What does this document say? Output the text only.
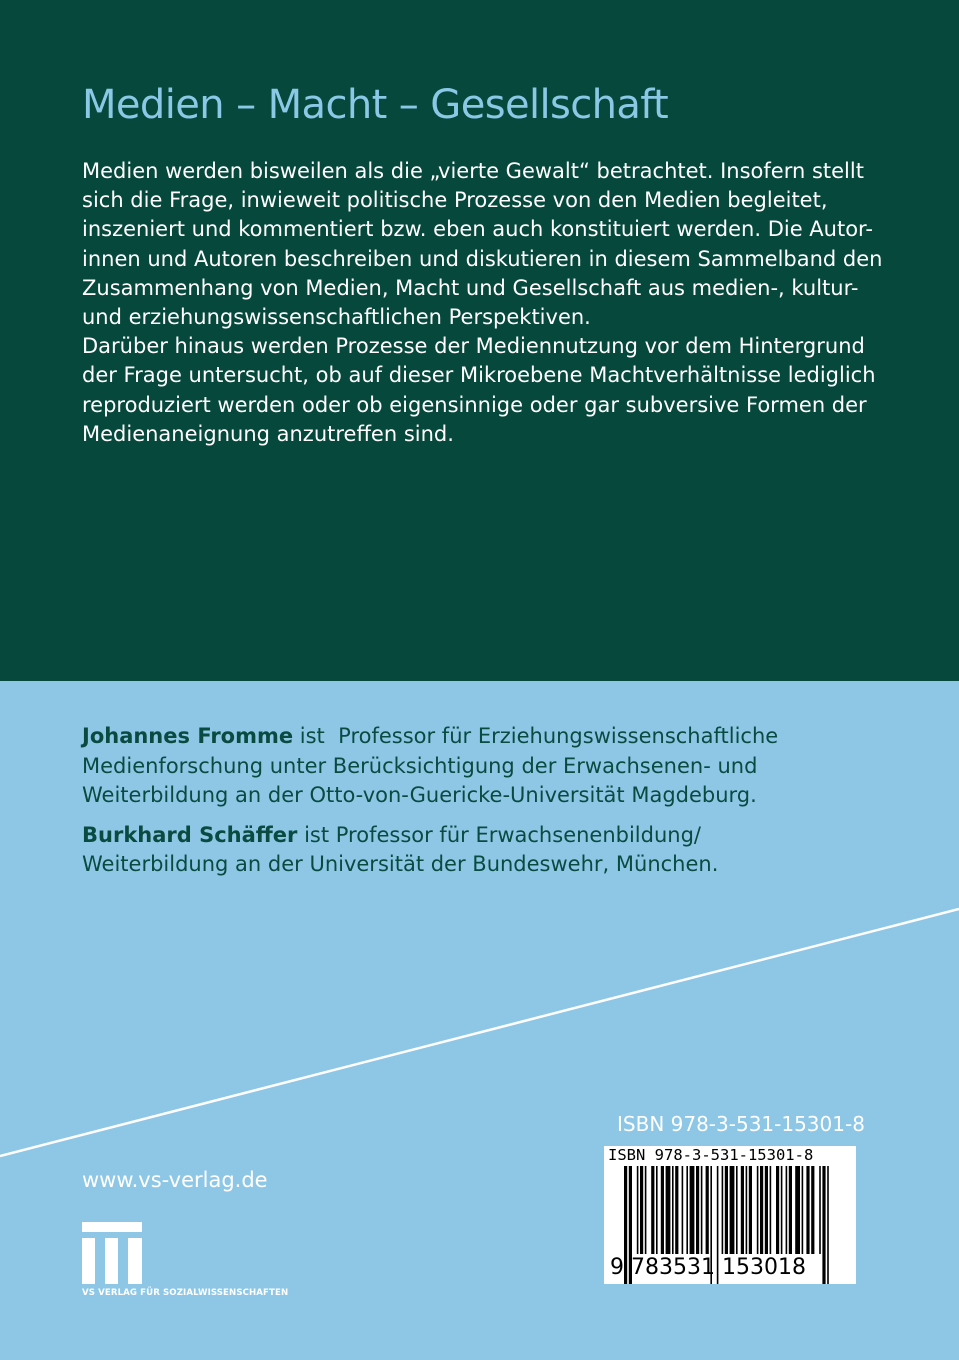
Medien – Macht – Gesellschaft
Medien werden bisweilen als die „vierte Gewalt“ betrachtet. Insofern stellt
sich die Frage, inwieweit politische Prozesse von den Medien begleitet,
inszeniert und kommentiert bzw. eben auch konstituiert werden. Die Autor-
innen und Autoren beschreiben und diskutieren in diesem Sammelband den
Zusammenhang von Medien, Macht und Gesellschaft aus medien-, kultur-
und erziehungswissenschaftlichen Perspektiven.
Darüber hinaus werden Prozesse der Mediennutzung vor dem Hintergrund
der Frage untersucht, ob auf dieser Mikroebene Machtverhältnisse lediglich
reproduziert werden oder ob eigensinnige oder gar subversive Formen der
Medienaneignung anzutreffen sind.
Johannes Fromme ist  Professor für Erziehungswissenschaftliche
Medienforschung unter Berücksichtigung der Erwachsenen- und
Weiterbildung an der Otto-von-Guericke-Universität Magdeburg.
Burkhard Schäffer ist Professor für Erwachsenenbildung/
Weiterbildung an der Universität der Bundeswehr, München.
ISBN 978-3-531-15301-8
ISBN 978-3-531-15301-8
9 783531 153018
www.vs-verlag.de
VS VERLAG FÜR SOZIALWISSENSCHAFTEN
